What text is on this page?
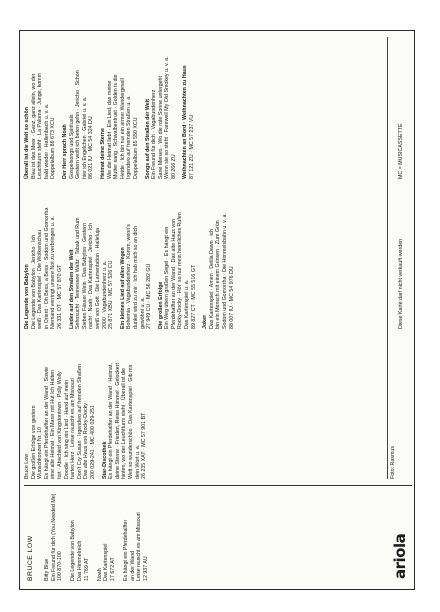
BRUCE LOW Bitty Blue Ein Freund für dich (You Needed Me) 100 870-100
Die Legende von Babylon Das Himmelreich 11 769 AT
Noah Das Kartenspiel 17 672 AT
Es hängt ein Pferdehalfter an der Wand Leise rauscht es am Missouri 12 937 AU	ariola
Bruce Low Die großen Erfolge von gestern Wunschkonzert Nr. 10 Es hängt ein Pferdehalfter an der Wand · Sowie eine alte Heimat · Ein Mann mit Hut Ich Halten fort · Abschied von Kingstontown · Polly Wolly Doodle · Ich sing ein Lied · Hand auf mein hartes Herz · Leise rauscht es am Missouri Don't Cry Susan · Irgendwo auf fremden Straßen Das alte Haus von Rocky-Docky 200 029-241 · MC 400 029-251 Star-Discothek Es hängt ein Pferdehalfter an der Wand · Heimat, deine Sterne · Frieden, Reise Himmel · Gelockert hinten, wo der Leuchtturm steht · Überall ist die Welt so wunderschön · Das Kartenspiel · Gib mir dein Wort u. a. 26 235 XAT · MC 57 901 BT
Die Legende von Babylon Die Legende von Babylon · Jericho · Ich weiß · Das Kartenspiel · Die Wolkenschau in Orient · Oh Bess, a Bess · Sodom und Gomorrha Niemand verringt unsere Not zu verbringen u. a. 26 331 OT · MC 57 870 GT Lieder auf den Straßen der Welt Sehnsucht · Tennessee Waltz · Tabak und Rum Sieben Fässer Wein · Das Babylon · Gestern nacht · Noah · Das Kartenspiel · Jericho · Ich weiß von Gott · Die Lamentation · Halleluja 2000 · Vagabundenherz u. a. 25 871 XBU · MC 57 526 CU Ein kleines Lied auf allen Wegen Bohemia · Vagabundenherz · Komm, wenn's dunkel wird zu mir · Ich hab mich so an dich gewöhnt u. a. 27 949 CU · MC 56 282 GU Die großen Erfolge Ein Weg übern großen Segel · Es hängt ein Pferdehalfter an der Wand · Das alte Haus von Rocky-Docky · Hör' so nur mein heimliches Rufen Das Kartenspiel u. a. 89 827 CT · MC 55 516 GT Joker Das Kartenspiel · Amen · Delila Dawn · ich bin ein Mensch mit einem Grinsen · Zum Grün Sodom und Gomorrha · Die Himmelsbahn u. v. a. 88 007 IU · MC 54 976 DU
Überall ist die Welt so schön Blau ist das Meer · Ganz, ganz allein, wo der Leuchtturm steht · La Paloma · Junge, komm bald wieder · Hallenbach u. v. a. Doppelalbum 86 673 XCU Der Herr sprach Noah Gospelsongs und Spirituals Gestern wollt ich beten gehn · Jericho · Schon hier ich Engelchen · Gabriel u. v. a. 86 021 IU · MC 54 324 DU Heimat deine Sterne Wie die Heimat liebt · Ein Lied, das meine Mutter sang · Schwalbentrust · Golden is die Heide · Ich bin nur ein armer Wandergesell Irgendwo auf fremden Straßen u. a. Doppelalbum 85 550 XCU Songs auf den Straßen der Welt Ein Freund für dich · Vagabundenherz Sane Mieses · Wo die rote Sonne untergeht Wenn sie so steht · Farewell My Old Smokey u. v. a. 80 266 ZU Weihnachten an Bord · Weihnachten zu Haus 87 121 ZU · MC 57 237 VU
Foto: Rasmus
Diese Karte darf nicht verkauft werden
MC = MUSICASSETTE
